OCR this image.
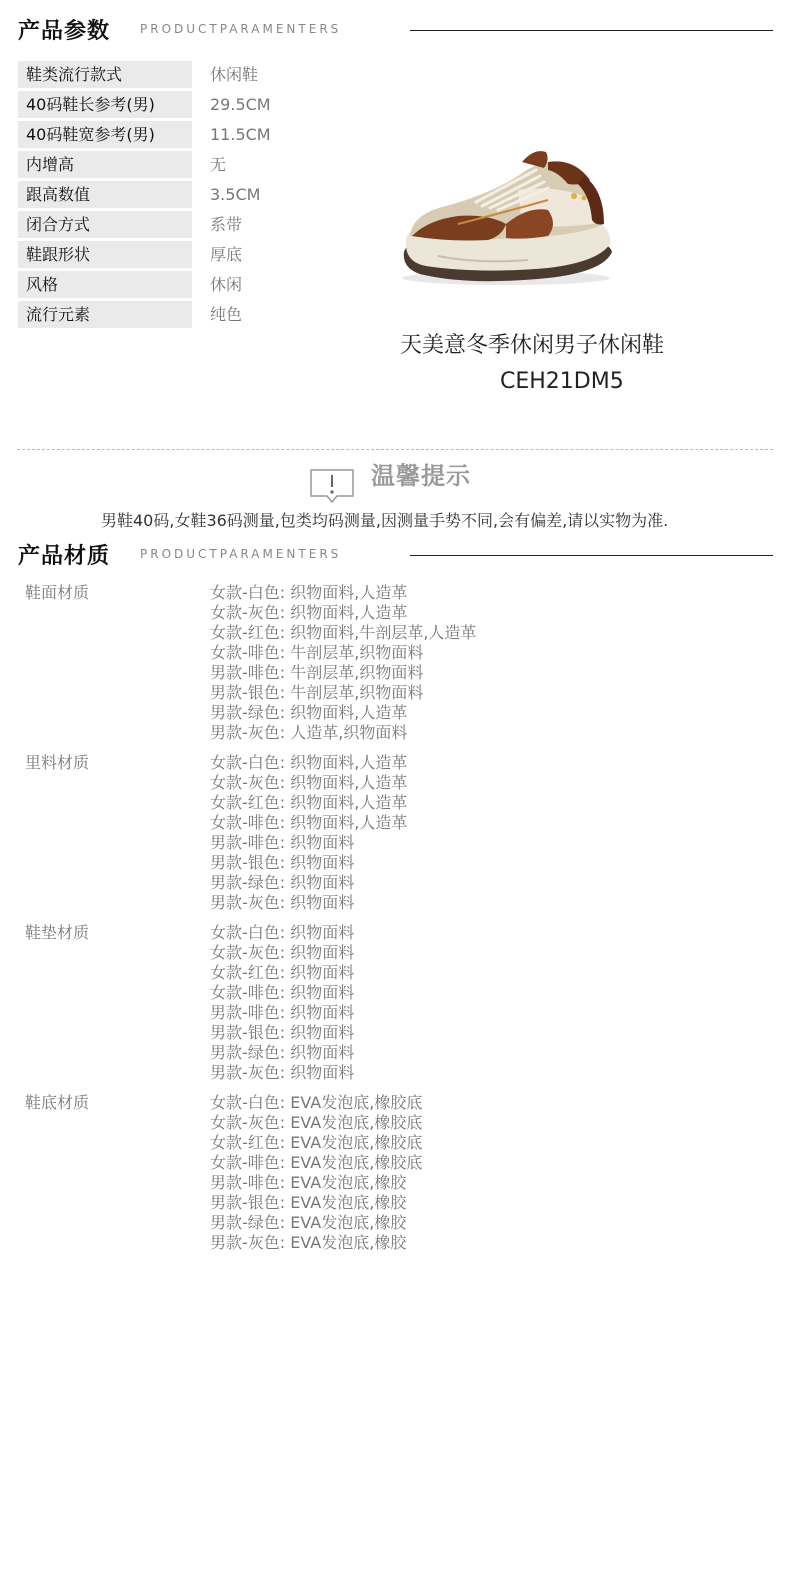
产品参数 PRODUCTPARAMENTERS
鞋类流行款式	休闲鞋
40码鞋长参考(男)	29.5CM
40码鞋宽参考(男)	11.5CM
内增高	无
跟高数值	3.5CM
闭合方式	系带
鞋跟形状	厚底
风格	休闲
流行元素	纯色
天美意冬季休闲男子休闲鞋
CEH21DM5
温馨提示
男鞋40码,女鞋36码测量,包类均码测量,因测量手势不同,会有偏差,请以实物为准.
产品材质 PRODUCTPARAMENTERS
鞋面材质	女款-白色: 织物面料,人造革
女款-灰色: 织物面料,人造革
女款-红色: 织物面料,牛剖层革,人造革
女款-啡色: 牛剖层革,织物面料
男款-啡色: 牛剖层革,织物面料
男款-银色: 牛剖层革,织物面料
男款-绿色: 织物面料,人造革
男款-灰色: 人造革,织物面料
里料材质	女款-白色: 织物面料,人造革
女款-灰色: 织物面料,人造革
女款-红色: 织物面料,人造革
女款-啡色: 织物面料,人造革
男款-啡色: 织物面料
男款-银色: 织物面料
男款-绿色: 织物面料
男款-灰色: 织物面料
鞋垫材质	女款-白色: 织物面料
女款-灰色: 织物面料
女款-红色: 织物面料
女款-啡色: 织物面料
男款-啡色: 织物面料
男款-银色: 织物面料
男款-绿色: 织物面料
男款-灰色: 织物面料
鞋底材质	女款-白色: EVA发泡底,橡胶底
女款-灰色: EVA发泡底,橡胶底
女款-红色: EVA发泡底,橡胶底
女款-啡色: EVA发泡底,橡胶底
男款-啡色: EVA发泡底,橡胶
男款-银色: EVA发泡底,橡胶
男款-绿色: EVA发泡底,橡胶
男款-灰色: EVA发泡底,橡胶
